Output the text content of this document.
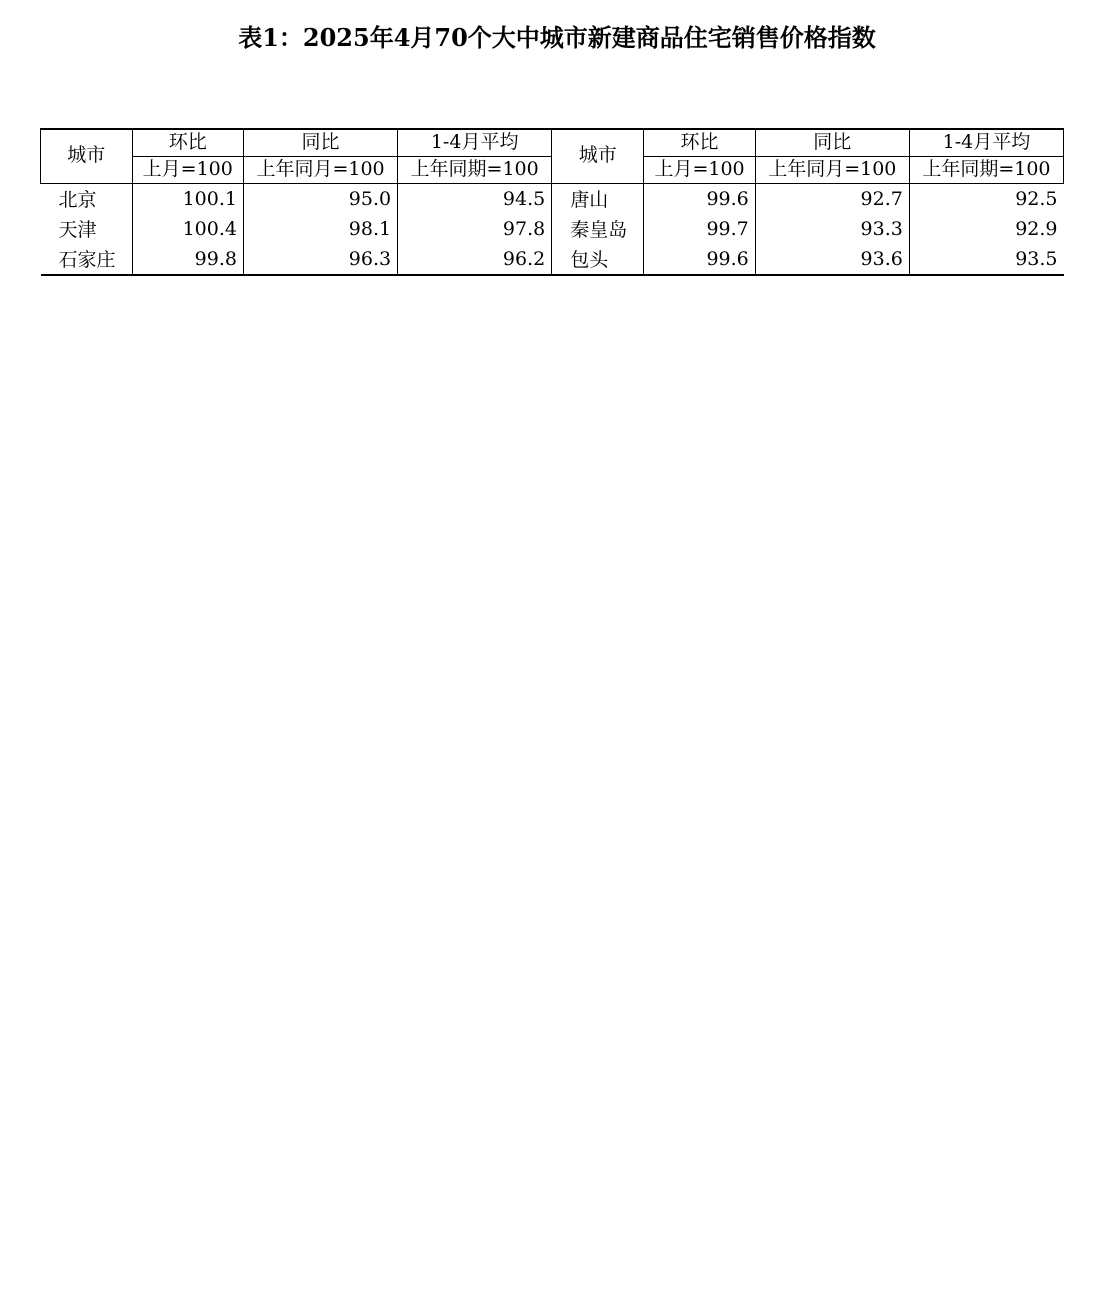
表1：2025年4月70个大中城市新建商品住宅销售价格指数
城市	环比	同比	1-4月平均	城市	环比	同比	1-4月平均
	上月=100	上年同月=100	上年同期=100		上月=100	上年同月=100	上年同期=100
北京	100.1	95.0	94.5	唐山	99.6	92.7	92.5
天津	100.4	98.1	97.8	秦皇岛	99.7	93.3	92.9
石家庄	99.8	96.3	96.2	包头	99.6	93.6	93.5
